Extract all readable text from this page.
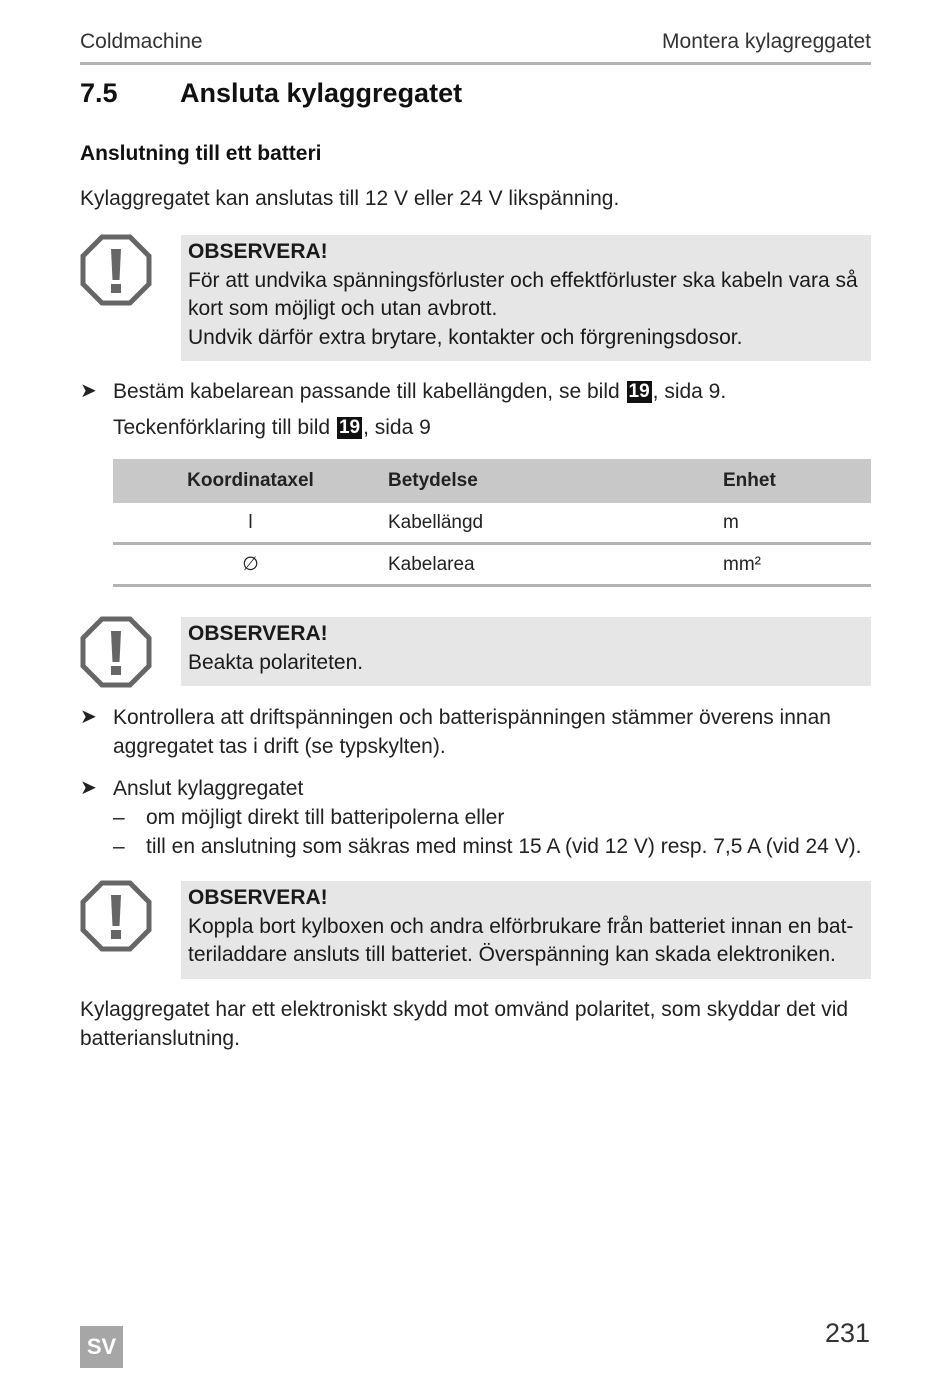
Coldmachine	Montera kylagreggatet
7.5 Ansluta kylaggregatet
Anslutning till ett batteri
Kylaggregatet kan anslutas till 12 V eller 24 V likspänning.
OBSERVERA!
För att undvika spänningsförluster och effektförluster ska kabeln vara så
kort som möjligt och utan avbrott.
Undvik därför extra brytare, kontakter och förgreningsdosor.
➤ Bestäm kabelarean passande till kabellängden, se bild 19 , sida 9.
Teckenförklaring till bild 19 , sida 9
Koordinataxel	Betydelse	Enhet
l	Kabellängd	m
∅	Kabelarea	mm²
OBSERVERA!
Beakta polariteten.
➤ Kontrollera att driftspänningen och batterispänningen stämmer överens innan
aggregatet tas i drift (se typskylten).
➤ Anslut kylaggregatet
– om möjligt direkt till batteripolerna eller
– till en anslutning som säkras med minst 15 A (vid 12 V) resp. 7,5 A (vid 24 V).
OBSERVERA!
Koppla bort kylboxen och andra elförbrukare från batteriet innan en bat-
teriladdare ansluts till batteriet. Överspänning kan skada elektroniken.
Kylaggregatet har ett elektroniskt skydd mot omvänd polaritet, som skyddar det vid
batterianslutning.
SV	231
